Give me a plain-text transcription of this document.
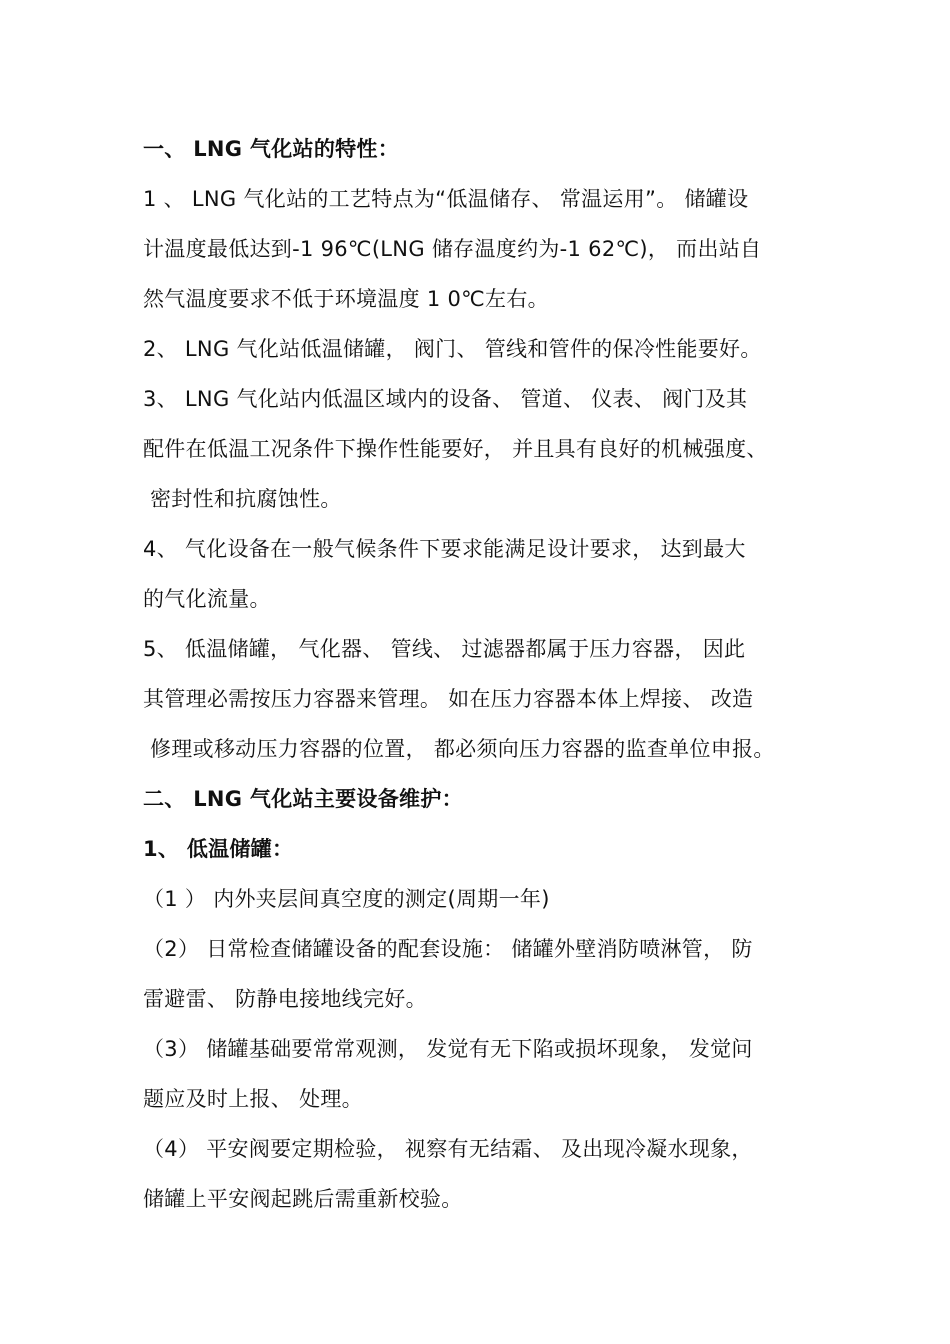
一、 LNG 气化站的特性：
1 、 LNG 气化站的工艺特点为“低温储存、 常温运用”。 储罐设
计温度最低达到-1 96℃(LNG 储存温度约为-1 62℃)， 而出站自
然气温度要求不低于环境温度 1 0℃左右。
2、 LNG 气化站低温储罐， 阀门、 管线和管件的保冷性能要好。
3、 LNG 气化站内低温区域内的设备、 管道、 仪表、 阀门及其
配件在低温工况条件下操作性能要好， 并且具有良好的机械强度、
密封性和抗腐蚀性。
4、 气化设备在一般气候条件下要求能满足设计要求， 达到最大
的气化流量。
5、 低温储罐， 气化器、 管线、 过滤器都属于压力容器， 因此
其管理必需按压力容器来管理。 如在压力容器本体上焊接、 改造
修理或移动压力容器的位置， 都必须向压力容器的监查单位申报。
二、 LNG 气化站主要设备维护：
1、 低温储罐：
（1 ） 内外夹层间真空度的测定(周期一年)
（2） 日常检查储罐设备的配套设施： 储罐外壁消防喷淋管， 防
雷避雷、 防静电接地线完好。
（3） 储罐基础要常常观测， 发觉有无下陷或损坏现象， 发觉问
题应及时上报、 处理。
（4） 平安阀要定期检验， 视察有无结霜、 及出现冷凝水现象，
储罐上平安阀起跳后需重新校验。
